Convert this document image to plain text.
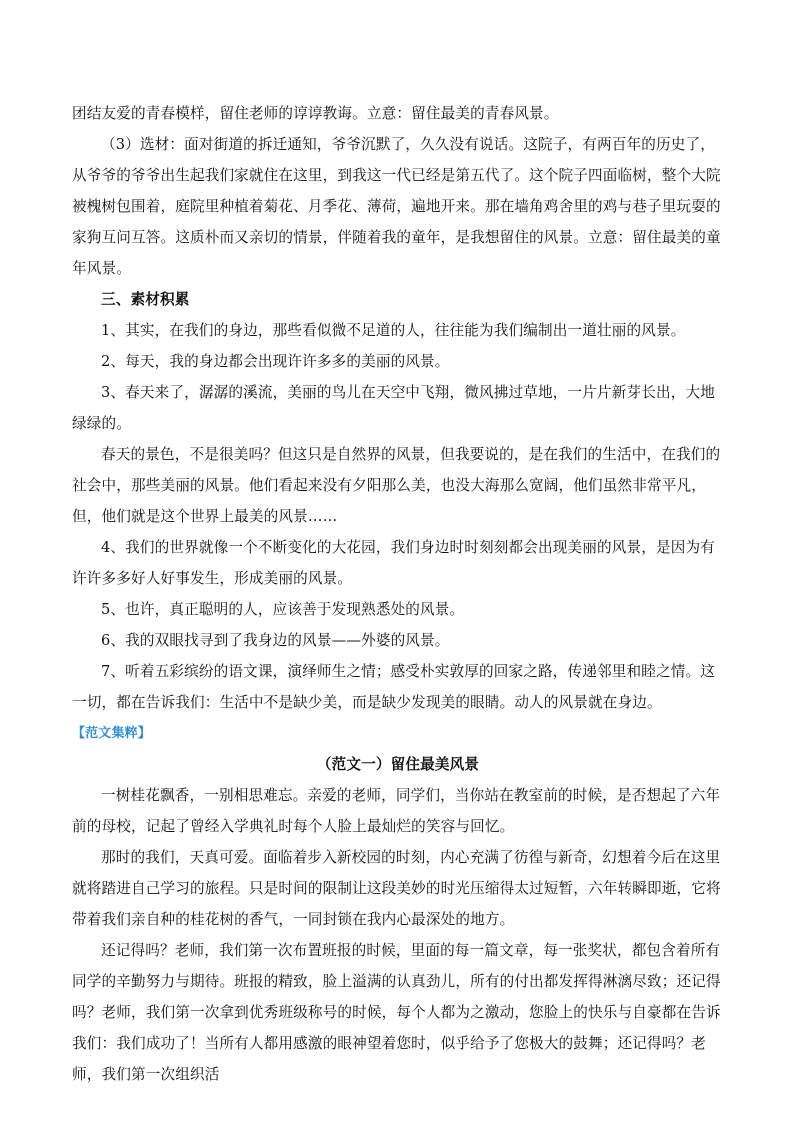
团结友爱的青春模样，留住老师的谆谆教诲。立意：留住最美的青春风景。

（3）选材：面对街道的拆迁通知，爷爷沉默了，久久没有说话。这院子，有两百年的历史了，从爷爷的爷爷出生起我们家就住在这里，到我这一代已经是第五代了。这个院子四面临树，整个大院被槐树包围着，庭院里种植着菊花、月季花、薄荷，遍地开来。那在墙角鸡舍里的鸡与巷子里玩耍的家狗互问互答。这质朴而又亲切的情景，伴随着我的童年，是我想留住的风景。立意：留住最美的童年风景。

三、素材积累

1、其实，在我们的身边，那些看似微不足道的人，往往能为我们编制出一道壮丽的风景。

2、每天，我的身边都会出现许许多多的美丽的风景。

3、春天来了，潺潺的溪流，美丽的鸟儿在天空中飞翔，微风拂过草地，一片片新芽长出，大地绿绿的。

春天的景色，不是很美吗？但这只是自然界的风景，但我要说的，是在我们的生活中，在我们的社会中，那些美丽的风景。他们看起来没有夕阳那么美，也没大海那么宽阔，他们虽然非常平凡，但，他们就是这个世界上最美的风景……

4、我们的世界就像一个不断变化的大花园，我们身边时时刻刻都会出现美丽的风景，是因为有许许多多好人好事发生，形成美丽的风景。

5、也许，真正聪明的人，应该善于发现熟悉处的风景。

6、我的双眼找寻到了我身边的风景——外婆的风景。

7、听着五彩缤纷的语文课，演绎师生之情；感受朴实敦厚的回家之路，传递邻里和睦之情。这一切，都在告诉我们：生活中不是缺少美，而是缺少发现美的眼睛。动人的风景就在身边。

【范文集粹】

（范文一）留住最美风景

一树桂花飘香，一别相思难忘。亲爱的老师，同学们，当你站在教室前的时候，是否想起了六年前的母校，记起了曾经入学典礼时每个人脸上最灿烂的笑容与回忆。

那时的我们，天真可爱。面临着步入新校园的时刻，内心充满了彷徨与新奇，幻想着今后在这里就将踏进自己学习的旅程。只是时间的限制让这段美妙的时光压缩得太过短暂，六年转瞬即逝，它将带着我们亲自种的桂花树的香气，一同封锁在我内心最深处的地方。

还记得吗？老师，我们第一次布置班报的时候，里面的每一篇文章，每一张奖状，都包含着所有同学的辛勤努力与期待。班报的精致，脸上溢满的认真劲儿，所有的付出都发挥得淋漓尽致；还记得吗？老师，我们第一次拿到优秀班级称号的时候，每个人都为之激动，您脸上的快乐与自豪都在告诉我们：我们成功了！当所有人都用感激的眼神望着您时，似乎给予了您极大的鼓舞；还记得吗？老师，我们第一次组织活
